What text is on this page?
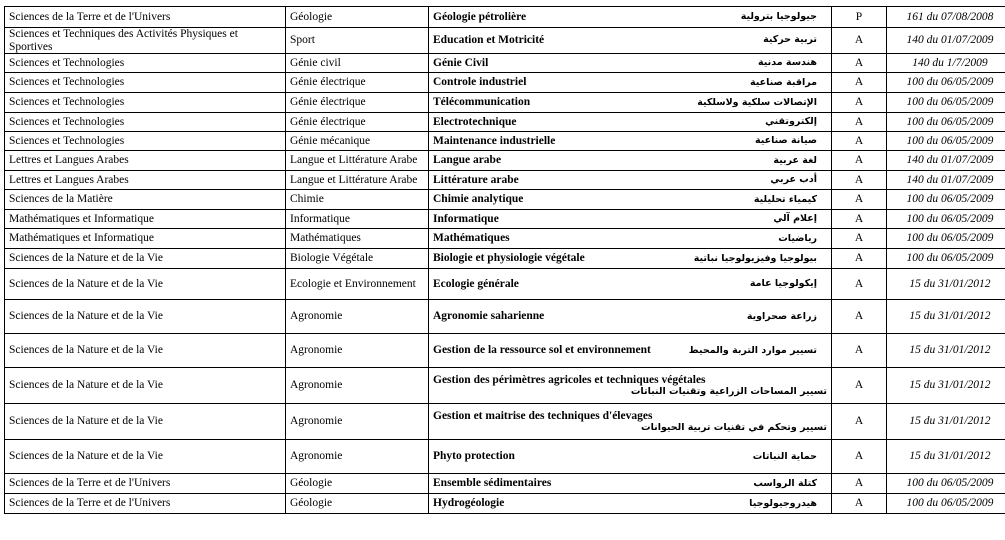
Sciences de la Terre et de l'Univers	Géologie	Géologie pétrolière جيولوجيا بترولية	P	161 du 07/08/2008
Sciences et Techniques des Activités Physiques et Sportives	Sport	Education et Motricité تربية حركية	A	140 du 01/07/2009
Sciences et Technologies	Génie civil	Génie Civil هندسة مدنية	A	140 du 1/7/2009
Sciences et Technologies	Génie électrique	Controle industriel مراقبة صناعية	A	100 du 06/05/2009
Sciences et Technologies	Génie électrique	Télécommunication الإتصالات سلكية ولاسلكية	A	100 du 06/05/2009
Sciences et Technologies	Génie électrique	Electrotechnique إلكتروتقني	A	100 du 06/05/2009
Sciences et Technologies	Génie mécanique	Maintenance industrielle صيانة صناعية	A	100 du 06/05/2009
Lettres et Langues Arabes	Langue et Littérature Arabe	Langue arabe لغة عربية	A	140 du 01/07/2009
Lettres et Langues Arabes	Langue et Littérature Arabe	Littérature arabe أدب عربي	A	140 du 01/07/2009
Sciences de la Matière	Chimie	Chimie analytique كيمياء تحليلية	A	100 du 06/05/2009
Mathématiques et Informatique	Informatique	Informatique إعلام آلي	A	100 du 06/05/2009
Mathématiques et Informatique	Mathématiques	Mathématiques رياضيات	A	100 du 06/05/2009
Sciences de la Nature et de la Vie	Biologie Végétale	Biologie et physiologie végétale بيولوجيا وفيزيولوجيا نباتية	A	100 du 06/05/2009
Sciences de la Nature et de la Vie	Ecologie et Environnement	Ecologie générale إيكولوجيا عامة	A	15 du 31/01/2012
Sciences de la Nature et de la Vie	Agronomie	Agronomie saharienne زراعة صحراوية	A	15 du 31/01/2012
Sciences de la Nature et de la Vie	Agronomie	Gestion de la ressource sol et environnement تسيير موارد التربة والمحيط	A	15 du 31/01/2012
Sciences de la Nature et de la Vie	Agronomie	Gestion des périmètres agricoles et techniques végétales
تسيير المساحات الزراعية وتقنيات النباتات	A	15 du 31/01/2012
Sciences de la Nature et de la Vie	Agronomie	Gestion et maitrise des techniques d'élevages
تسيير وتحكم في تقنيات تربية الحيوانات	A	15 du 31/01/2012
Sciences de la Nature et de la Vie	Agronomie	Phyto protection حماية النباتات	A	15 du 31/01/2012
Sciences de la Terre et de l'Univers	Géologie	Ensemble sédimentaires كتلة الرواسب	A	100 du 06/05/2009
Sciences de la Terre et de l'Univers	Géologie	Hydrogéologie هيدروجيولوجيا	A	100 du 06/05/2009
